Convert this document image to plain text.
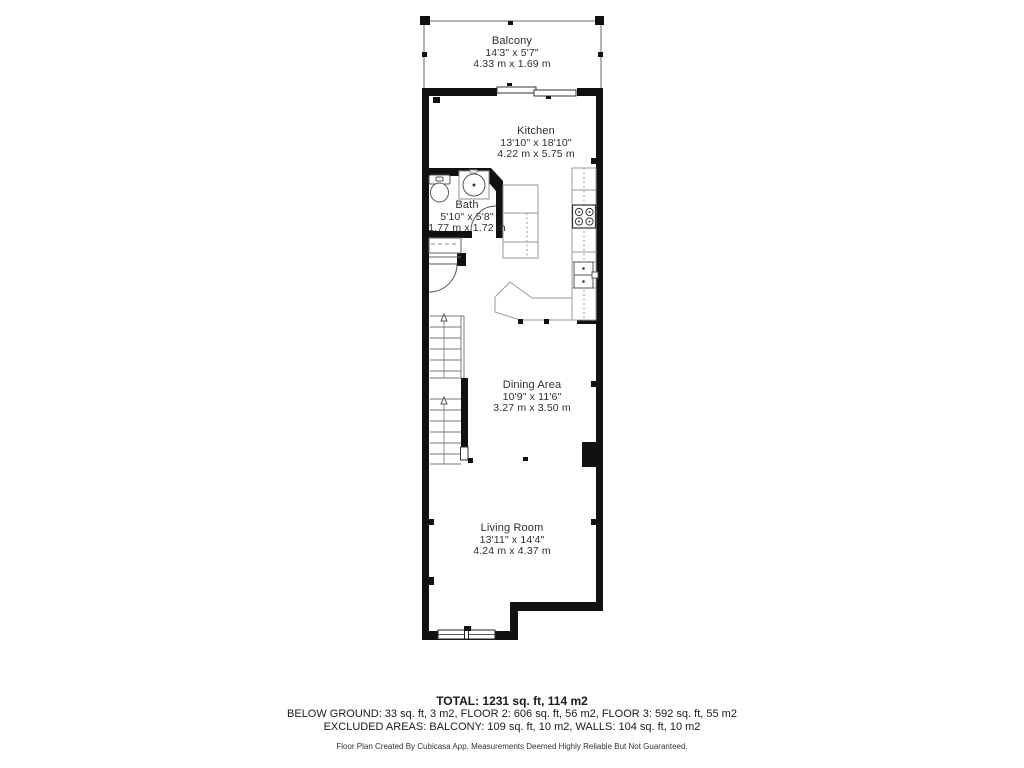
Balcony
14'3" x 5'7"
4.33 m x 1.69 m
Kitchen
13'10" x 18'10"
4.22 m x 5.75 m
Bath
5'10" x 5'8"
1.77 m x 1.72 m
Dining Area
10'9" x 11'6"
3.27 m x 3.50 m
Living Room
13'11" x 14'4"
4.24 m x 4.37 m
TOTAL: 1231 sq. ft, 114 m2
BELOW GROUND: 33 sq. ft, 3 m2, FLOOR 2: 606 sq. ft, 56 m2, FLOOR 3: 592 sq. ft, 55 m2
EXCLUDED AREAS: BALCONY: 109 sq. ft, 10 m2, WALLS: 104 sq. ft, 10 m2
Floor Plan Created By Cubicasa App. Measurements Deemed Highly Reliable But Not Guaranteed.
